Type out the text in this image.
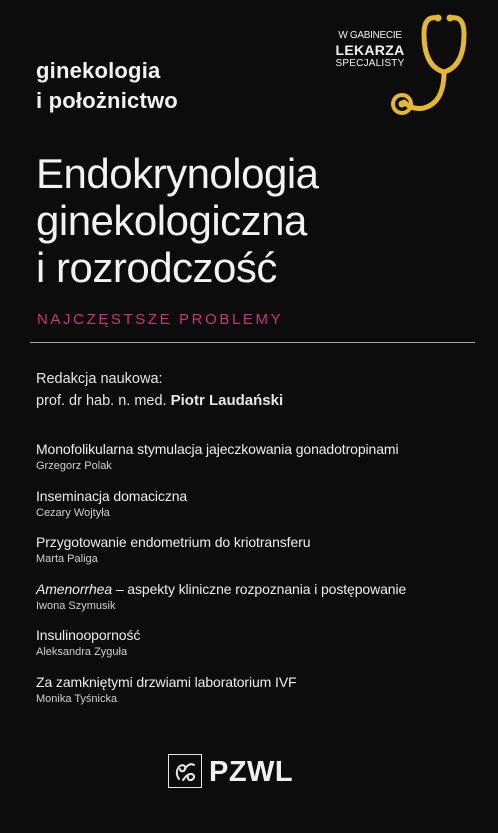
ginekologia
i położnictwo
W GABINECIE
LEKARZA
SPECJALISTY
Endokrynologia
ginekologiczna
i rozrodczość
NAJCZĘSTSZE PROBLEMY
Redakcja naukowa:
prof. dr hab. n. med. Piotr Laudański
Monofolikularna stymulacja jajeczkowania gonadotropinami
Grzegorz Polak
Inseminacja domaciczna
Cezary Wojtyła
Przygotowanie endometrium do kriotransferu
Marta Paliga
Amenorrhea – aspekty kliniczne rozpoznania i postępowanie
Iwona Szymusik
Insulinooporność
Aleksandra Zyguła
Za zamkniętymi drzwiami laboratorium IVF
Monika Tyśnicka
PZWL
